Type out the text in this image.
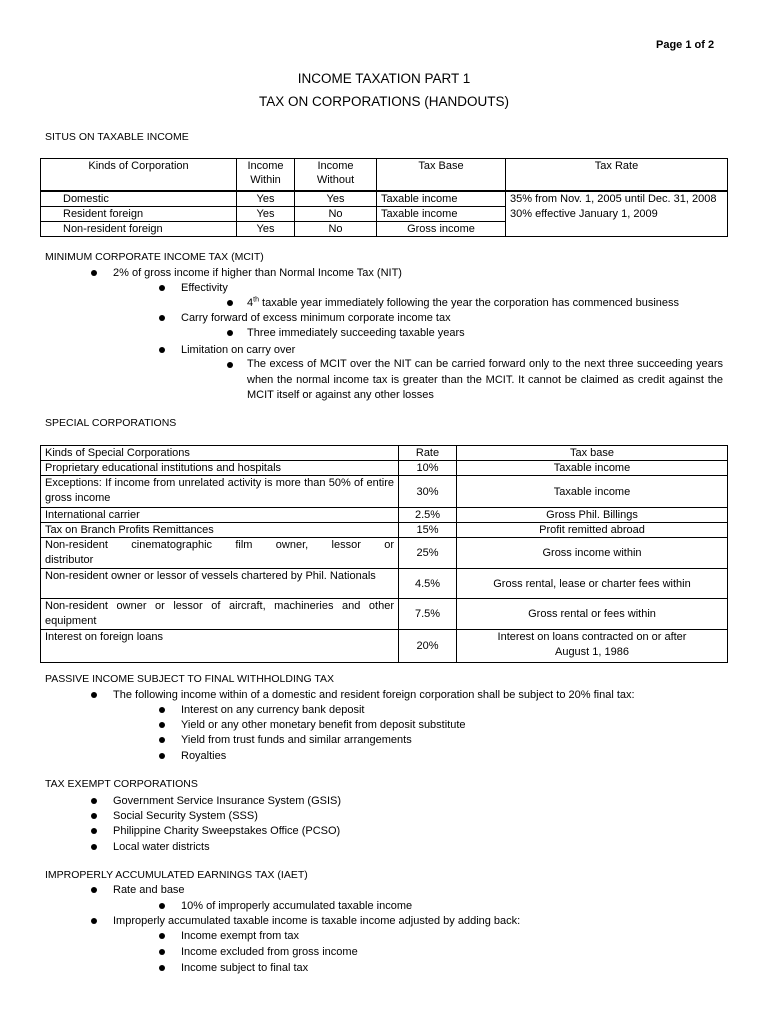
Page 1 of 2
INCOME TAXATION PART 1
TAX ON CORPORATIONS (HANDOUTS)
SITUS ON TAXABLE INCOME
Kinds of Corporation	Income Within	Income Without	Tax Base	Tax Rate
Domestic	Yes	Yes	Taxable income	35% from Nov. 1, 2005 until Dec. 31, 2008
30% effective January 1, 2009

Resident foreign	Yes	No	Taxable income	
Non-resident foreign	Yes	No	Gross income	
MINIMUM CORPORATE INCOME TAX (MCIT)
2% of gross income if higher than Normal Income Tax (NIT)
Effectivity
4th taxable year immediately following the year the corporation has commenced business
Carry forward of excess minimum corporate income tax
Three immediately succeeding taxable years
Limitation on carry over
The excess of MCIT over the NIT can be carried forward only to the next three succeeding years when the normal income tax is greater than the MCIT. It cannot be claimed as credit against the MCIT itself or against any other losses
SPECIAL CORPORATIONS
Kinds of Special Corporations	Rate	Tax base
Proprietary educational institutions and hospitals	10%	Taxable income
Exceptions: If income from unrelated activity is more than 50% of entire gross income	30%	Taxable income
International carrier	2.5%	Gross Phil. Billings
Tax on Branch Profits Remittances	15%	Profit remitted abroad
Non-resident cinematographic film owner, lessor or distributor	25%	Gross income within
Non-resident owner or lessor of vessels chartered by Phil. Nationals	4.5%	Gross rental, lease or charter fees within
Non-resident owner or lessor of aircraft, machineries and other equipment	7.5%	Gross rental or fees within
Interest on foreign loans	20%	Interest on loans contracted on or after August 1, 1986
PASSIVE INCOME SUBJECT TO FINAL WITHHOLDING TAX
The following income within of a domestic and resident foreign corporation shall be subject to 20% final tax:
Interest on any currency bank deposit
Yield or any other monetary benefit from deposit substitute
Yield from trust funds and similar arrangements
Royalties
TAX EXEMPT CORPORATIONS
Government Service Insurance System (GSIS)
Social Security System (SSS)
Philippine Charity Sweepstakes Office (PCSO)
Local water districts
IMPROPERLY ACCUMULATED EARNINGS TAX (IAET)
Rate and base
10% of improperly accumulated taxable income
Improperly accumulated taxable income is taxable income adjusted by adding back:
Income exempt from tax
Income excluded from gross income
Income subject to final tax
